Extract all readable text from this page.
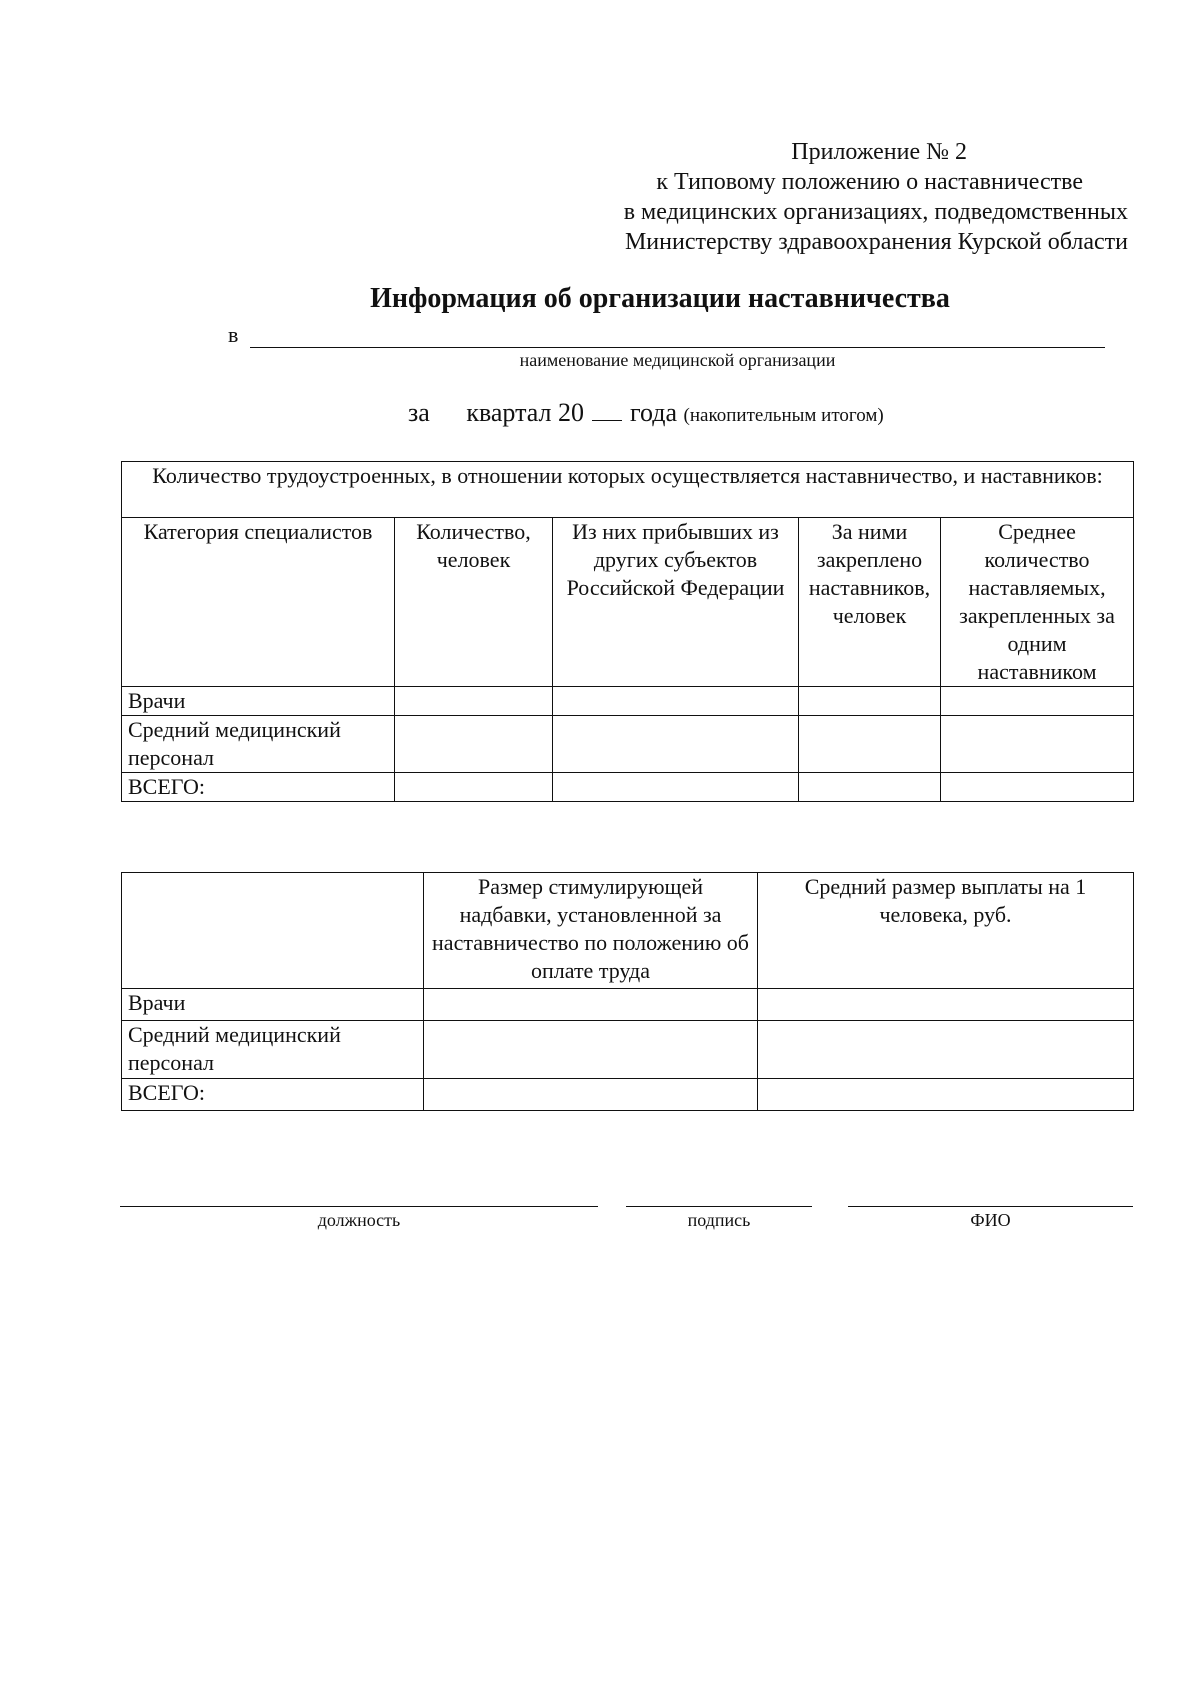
Приложение № 2
к Типовому положению о наставничестве
в медицинских организациях, подведомственных
Министерству здравоохранения Курской области
Информация об организации наставничества
в
наименование медицинской организации
за квартал 20 года (накопительным итогом)
Количество трудоустроенных, в отношении которых осуществляется наставничество, и наставников:				
Категория специалистов	Количество, человек	Из них прибывших из других субъектов Российской Федерации	За ними закреплено наставников, человек	Среднее количество наставляемых, закрепленных за одним наставником
Врачи				
Средний медицинский персонал				
ВСЕГО:				
	Размер стимулирующей надбавки, установленной за наставничество по положению об оплате труда	Средний размер выплаты на 1 человека, руб.
Врачи		
Средний медицинский персонал		
ВСЕГО:		
должность	подпись	ФИО
